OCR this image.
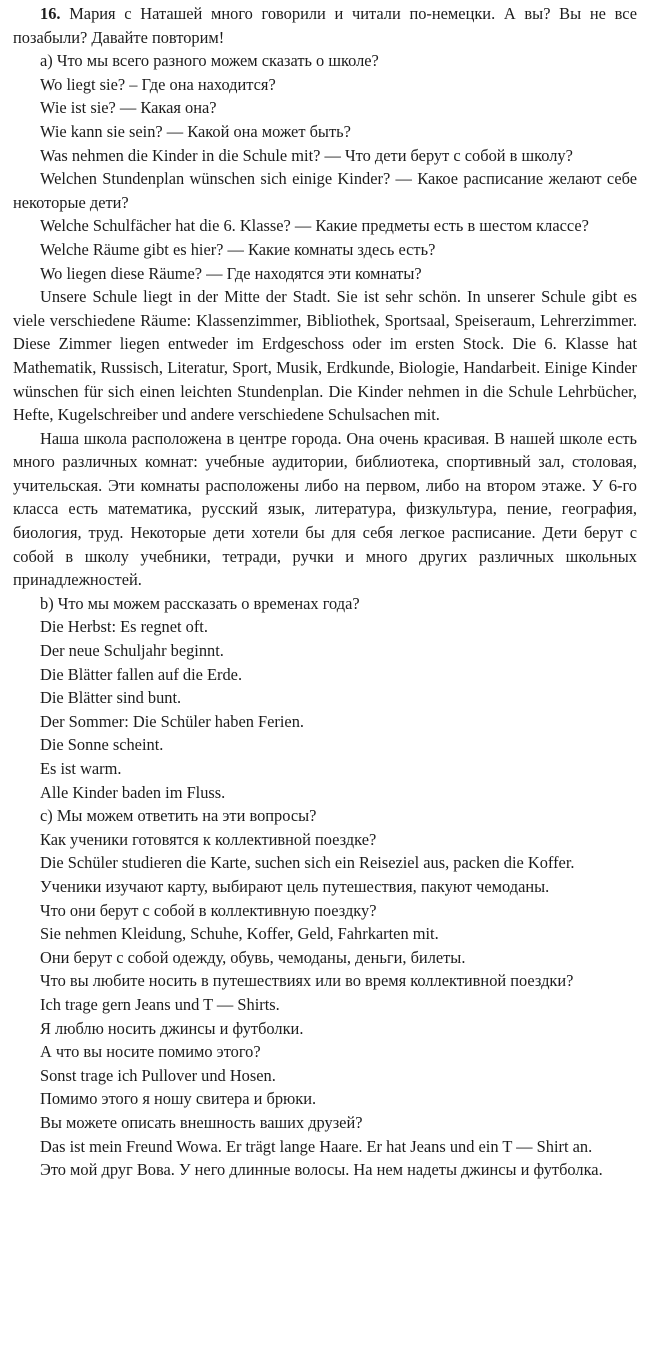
16. Мария с Наташей много говорили и читали по-немецки. А вы? Вы не все позабыли? Давайте повторим!

а) Что мы всего разного можем сказать о школе?

Wo liegt sie? – Где она находится?

Wie ist sie? — Какая она?

Wie kann sie sein? — Какой она может быть?

Was nehmen die Kinder in die Schule mit? — Что дети берут с собой в школу?

Welchen Stundenplan wünschen sich einige Kinder? — Какое расписание желают себе некоторые дети?

Welche Schulfächer hat die 6. Klasse? — Какие предметы есть в шестом классе?

Welche Räume gibt es hier? — Какие комнаты здесь есть?

Wo liegen diese Räume? — Где находятся эти комнаты?

Unsere Schule liegt in der Mitte der Stadt. Sie ist sehr schön. In unserer Schule gibt es viele verschiedene Räume: Klassenzimmer, Bibliothek, Sportsaal, Speiseraum, Lehrerzimmer. Diese Zimmer liegen entweder im Erdgeschoss oder im ersten Stock. Die 6. Klasse hat Mathematik, Russisch, Literatur, Sport, Musik, Erdkunde, Biologie, Handarbeit. Einige Kinder wünschen für sich einen leichten Stundenplan. Die Kinder nehmen in die Schule Lehrbücher, Hefte, Kugelschreiber und andere verschiedene Schulsachen mit.

Наша школа расположена в центре города. Она очень красивая. В нашей школе есть много различных комнат: учебные аудитории, библиотека, спортивный зал, столовая, учительская. Эти комнаты расположены либо на первом, либо на втором этаже. У 6-го класса есть математика, русский язык, литература, физкультура, пение, география, биология, труд. Некоторые дети хотели бы для себя легкое расписание. Дети берут с собой в школу учебники, тетради, ручки и много других различных школьных принадлежностей.

b) Что мы можем рассказать о временах года?

Die Herbst: Es regnet oft.

Der neue Schuljahr beginnt.

Die Blätter fallen auf die Erde.

Die Blätter sind bunt.

Der Sommer: Die Schüler haben Ferien.

Die Sonne scheint.

Es ist warm.

Alle Kinder baden im Fluss.

с) Мы можем ответить на эти вопросы?

Как ученики готовятся к коллективной поездке?

Die Schüler studieren die Karte, suchen sich ein Reiseziel aus, packen die Koffer.

Ученики изучают карту, выбирают цель путешествия, пакуют чемоданы.

Что они берут с собой в коллективную поездку?

Sie nehmen Kleidung, Schuhe, Koffer, Geld, Fahrkarten mit.

Они берут с собой одежду, обувь, чемоданы, деньги, билеты.

Что вы любите носить в путешествиях или во время коллективной поездки?

Ich trage gern Jeans und T — Shirts.

Я люблю носить джинсы и футболки.

А что вы носите помимо этого?

Sonst trage ich Pullover und Hosen.

Помимо этого я ношу свитера и брюки.

Вы можете описать внешность ваших друзей?

Das ist mein Freund Wowa. Er trägt lange Haare. Er hat Jeans und ein T — Shirt an.

Это мой друг Вова. У него длинные волосы. На нем надеты джинсы и футболка.
